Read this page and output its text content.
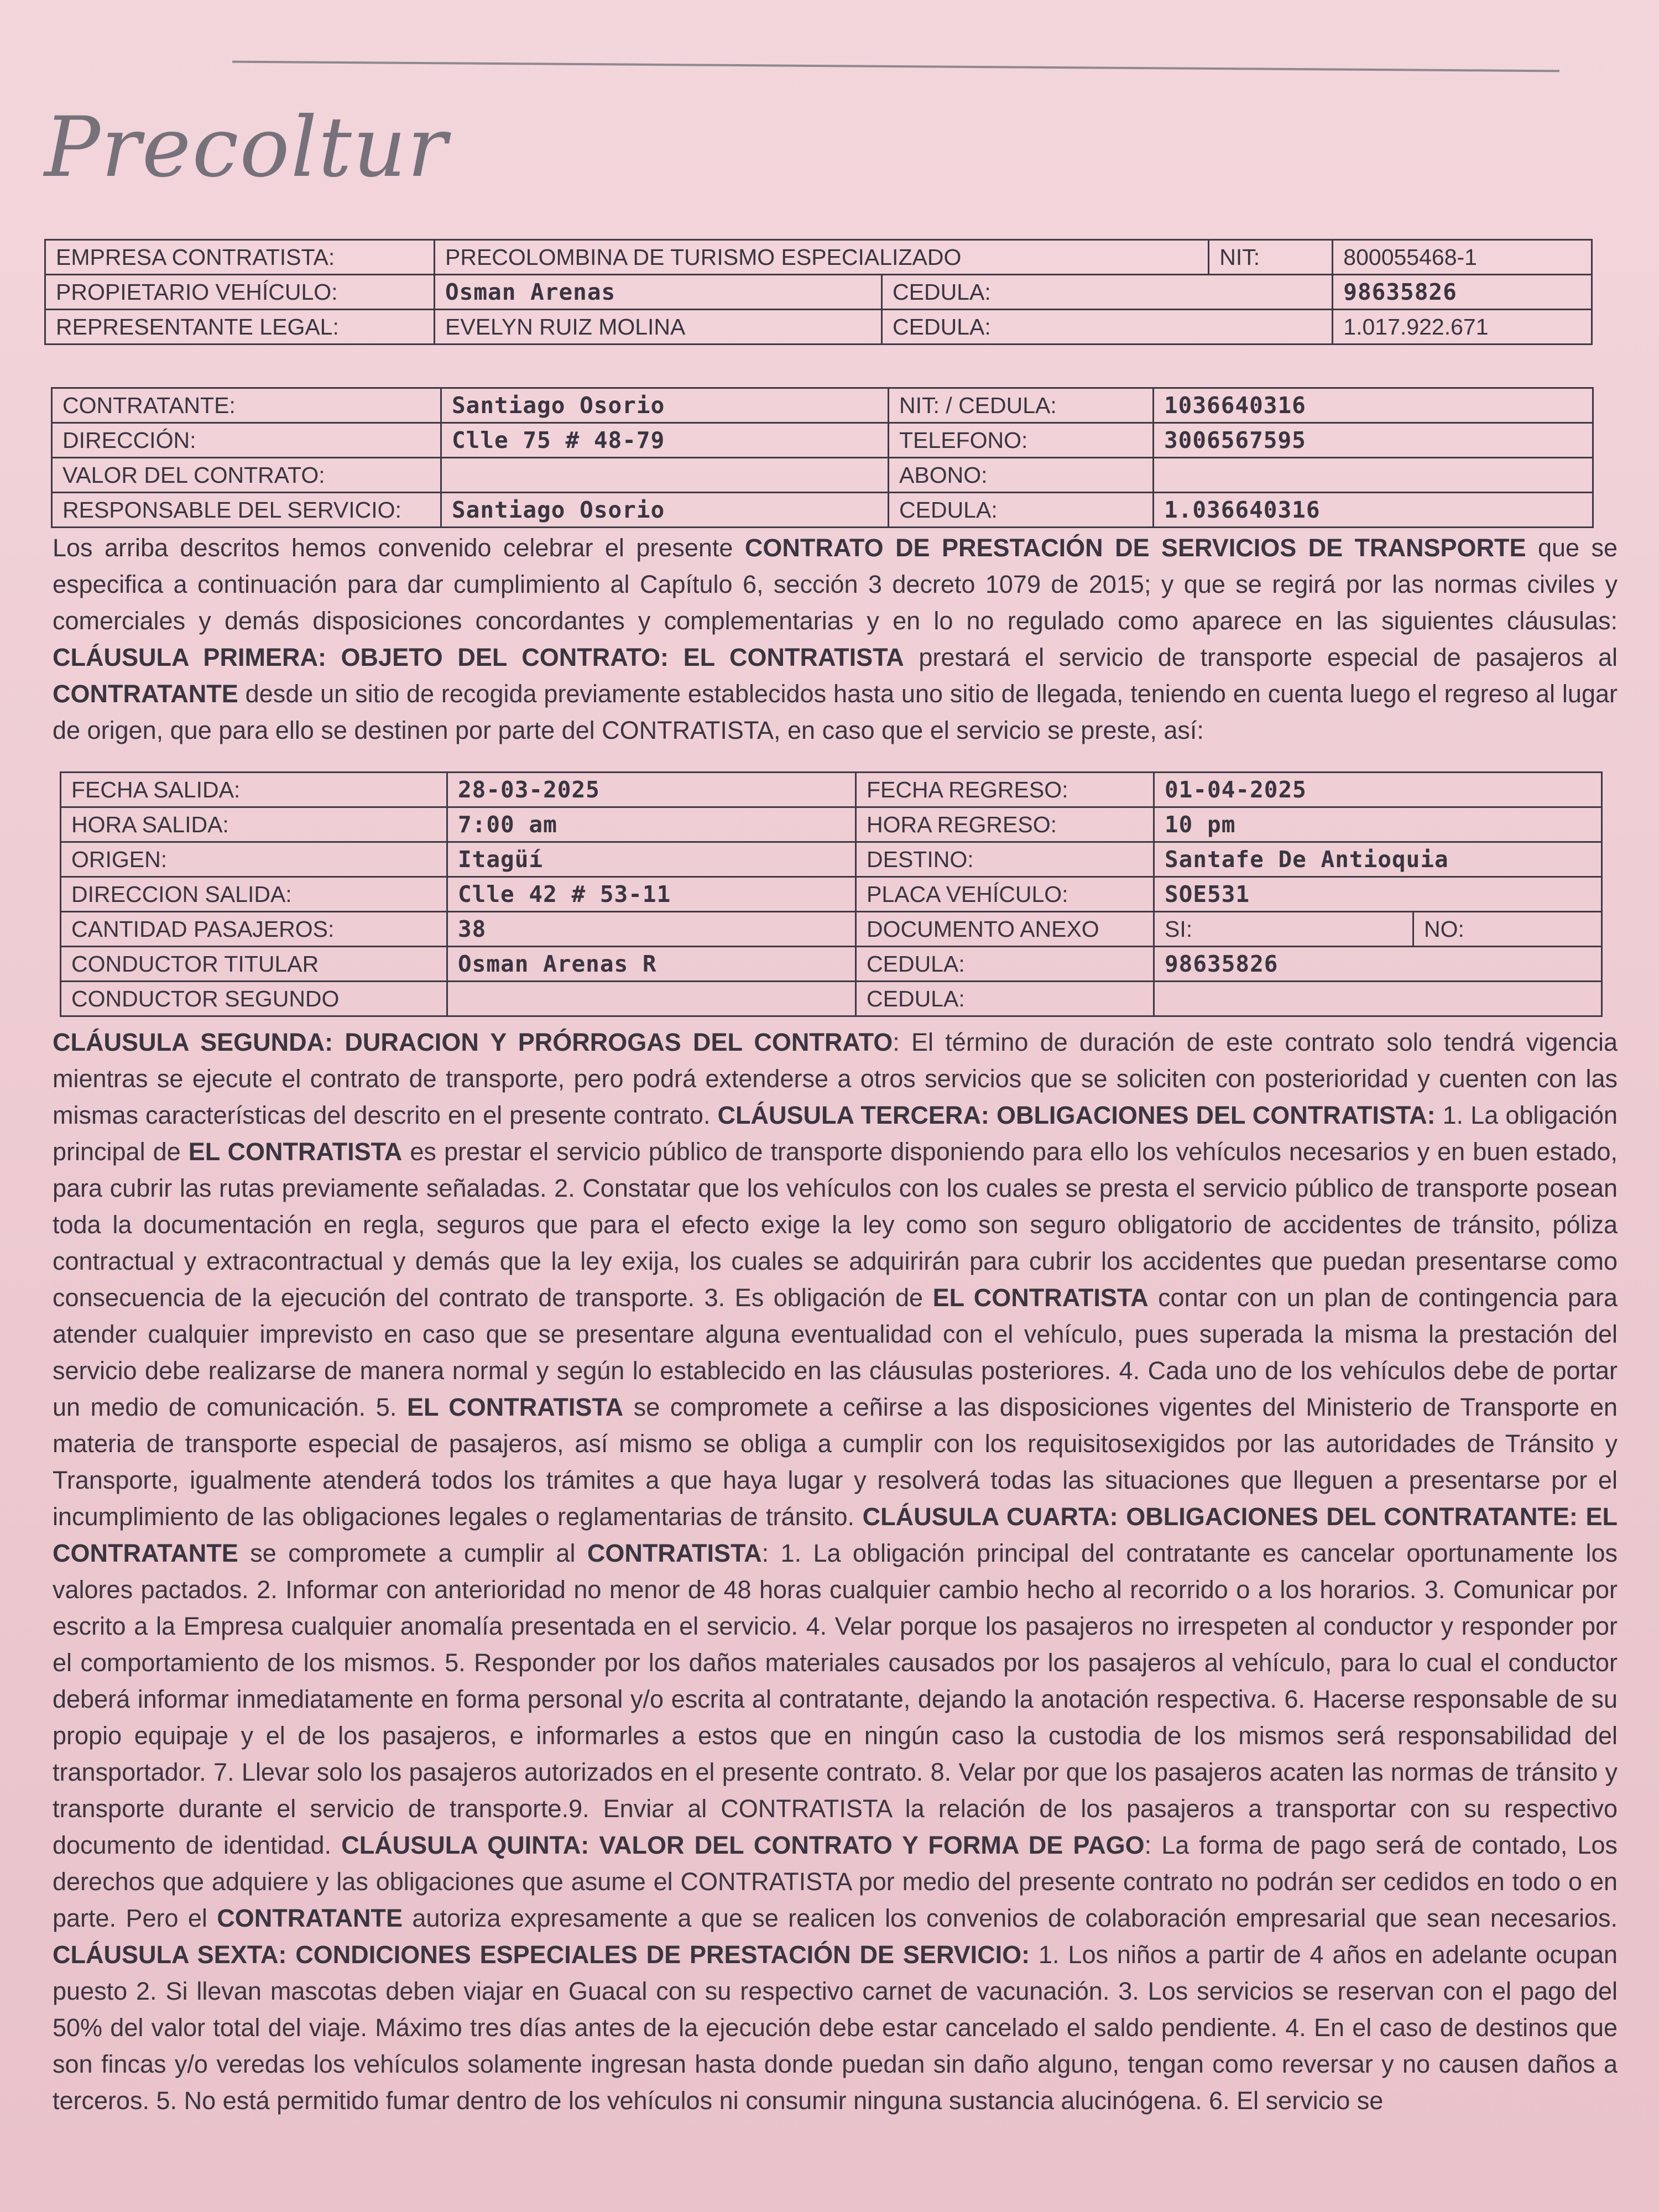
Precoltur
EMPRESA CONTRATISTA:	PRECOLOMBINA DE TURISMO ESPECIALIZADO		NIT:	800055468-1
PROPIETARIO VEHÍCULO:	Osman Arenas	CEDULA:		98635826
REPRESENTANTE LEGAL:	EVELYN RUIZ MOLINA	CEDULA:		1.017.922.671
CONTRATANTE:	Santiago Osorio	NIT: / CEDULA:	1036640316
DIRECCIÓN:	Clle 75 # 48-79	TELEFONO:	3006567595
VALOR DEL CONTRATO:		ABONO:	
RESPONSABLE DEL SERVICIO:	Santiago Osorio	CEDULA:	1.036640316
Los arriba descritos hemos convenido celebrar el presente CONTRATO DE PRESTACIÓN DE SERVICIOS DE TRANSPORTE que se especifica a continuación para dar cumplimiento al Capítulo 6, sección 3 decreto 1079 de 2015; y que se regirá por las normas civiles y comerciales y demás disposiciones concordantes y complementarias y en lo no regulado como aparece en las siguientes cláusulas: CLÁUSULA PRIMERA: OBJETO DEL CONTRATO: EL CONTRATISTA prestará el servicio de transporte especial de pasajeros al CONTRATANTE desde un sitio de recogida previamente establecidos hasta uno sitio de llegada, teniendo en cuenta luego el regreso al lugar de origen, que para ello se destinen por parte del CONTRATISTA, en caso que el servicio se preste, así:
FECHA SALIDA:	28-03-2025	FECHA REGRESO:	01-04-2025	
HORA SALIDA:	7:00 am	HORA REGRESO:	10 pm	
ORIGEN:	Itagüí	DESTINO:	Santafe De Antioquia	
DIRECCION SALIDA:	Clle 42 # 53-11	PLACA VEHÍCULO:	SOE531	
CANTIDAD PASAJEROS:	38	DOCUMENTO ANEXO	SI:	NO:
CONDUCTOR TITULAR	Osman Arenas R	CEDULA:	98635826	
CONDUCTOR SEGUNDO		CEDULA:		
CLÁUSULA SEGUNDA: DURACION Y PRÓRROGAS DEL CONTRATO: El término de duración de este contrato solo tendrá vigencia mientras se ejecute el contrato de transporte, pero podrá extenderse a otros servicios que se soliciten con posterioridad y cuenten con las mismas características del descrito en el presente contrato. CLÁUSULA TERCERA: OBLIGACIONES DEL CONTRATISTA: 1. La obligación principal de EL CONTRATISTA es prestar el servicio público de transporte disponiendo para ello los vehículos necesarios y en buen estado, para cubrir las rutas previamente señaladas. 2. Constatar que los vehículos con los cuales se presta el servicio público de transporte posean toda la documentación en regla, seguros que para el efecto exige la ley como son seguro obligatorio de accidentes de tránsito, póliza contractual y extracontractual y demás que la ley exija, los cuales se adquirirán para cubrir los accidentes que puedan presentarse como consecuencia de la ejecución del contrato de transporte. 3. Es obligación de EL CONTRATISTA contar con un plan de contingencia para atender cualquier imprevisto en caso que se presentare alguna eventualidad con el vehículo, pues superada la misma la prestación del servicio debe realizarse de manera normal y según lo establecido en las cláusulas posteriores. 4. Cada uno de los vehículos debe de portar un medio de comunicación. 5. EL CONTRATISTA se compromete a ceñirse a las disposiciones vigentes del Ministerio de Transporte en materia de transporte especial de pasajeros, así mismo se obliga a cumplir con los requisitosexigidos por las autoridades de Tránsito y Transporte, igualmente atenderá todos los trámites a que haya lugar y resolverá todas las situaciones que lleguen a presentarse por el incumplimiento de las obligaciones legales o reglamentarias de tránsito. CLÁUSULA CUARTA: OBLIGACIONES DEL CONTRATANTE: EL CONTRATANTE se compromete a cumplir al CONTRATISTA: 1. La obligación principal del contratante es cancelar oportunamente los valores pactados. 2. Informar con anterioridad no menor de 48 horas cualquier cambio hecho al recorrido o a los horarios. 3. Comunicar por escrito a la Empresa cualquier anomalía presentada en el servicio. 4. Velar porque los pasajeros no irrespeten al conductor y responder por el comportamiento de los mismos. 5. Responder por los daños materiales causados por los pasajeros al vehículo, para lo cual el conductor deberá informar inmediatamente en forma personal y/o escrita al contratante, dejando la anotación respectiva. 6. Hacerse responsable de su propio equipaje y el de los pasajeros, e informarles a estos que en ningún caso la custodia de los mismos será responsabilidad del transportador. 7. Llevar solo los pasajeros autorizados en el presente contrato. 8. Velar por que los pasajeros acaten las normas de tránsito y transporte durante el servicio de transporte.9. Enviar al CONTRATISTA la relación de los pasajeros a transportar con su respectivo documento de identidad. CLÁUSULA QUINTA: VALOR DEL CONTRATO Y FORMA DE PAGO: La forma de pago será de contado, Los derechos que adquiere y las obligaciones que asume el CONTRATISTA por medio del presente contrato no podrán ser cedidos en todo o en parte. Pero el CONTRATANTE autoriza expresamente a que se realicen los convenios de colaboración empresarial que sean necesarios. CLÁUSULA SEXTA: CONDICIONES ESPECIALES DE PRESTACIÓN DE SERVICIO: 1. Los niños a partir de 4 años en adelante ocupan puesto 2. Si llevan mascotas deben viajar en Guacal con su respectivo carnet de vacunación. 3. Los servicios se reservan con el pago del 50% del valor total del viaje. Máximo tres días antes de la ejecución debe estar cancelado el saldo pendiente. 4. En el caso de destinos que son fincas y/o veredas los vehículos solamente ingresan hasta donde puedan sin daño alguno, tengan como reversar y no causen daños a terceros. 5. No está permitido fumar dentro de los vehículos ni consumir ninguna sustancia alucinógena. 6. El servicio se
